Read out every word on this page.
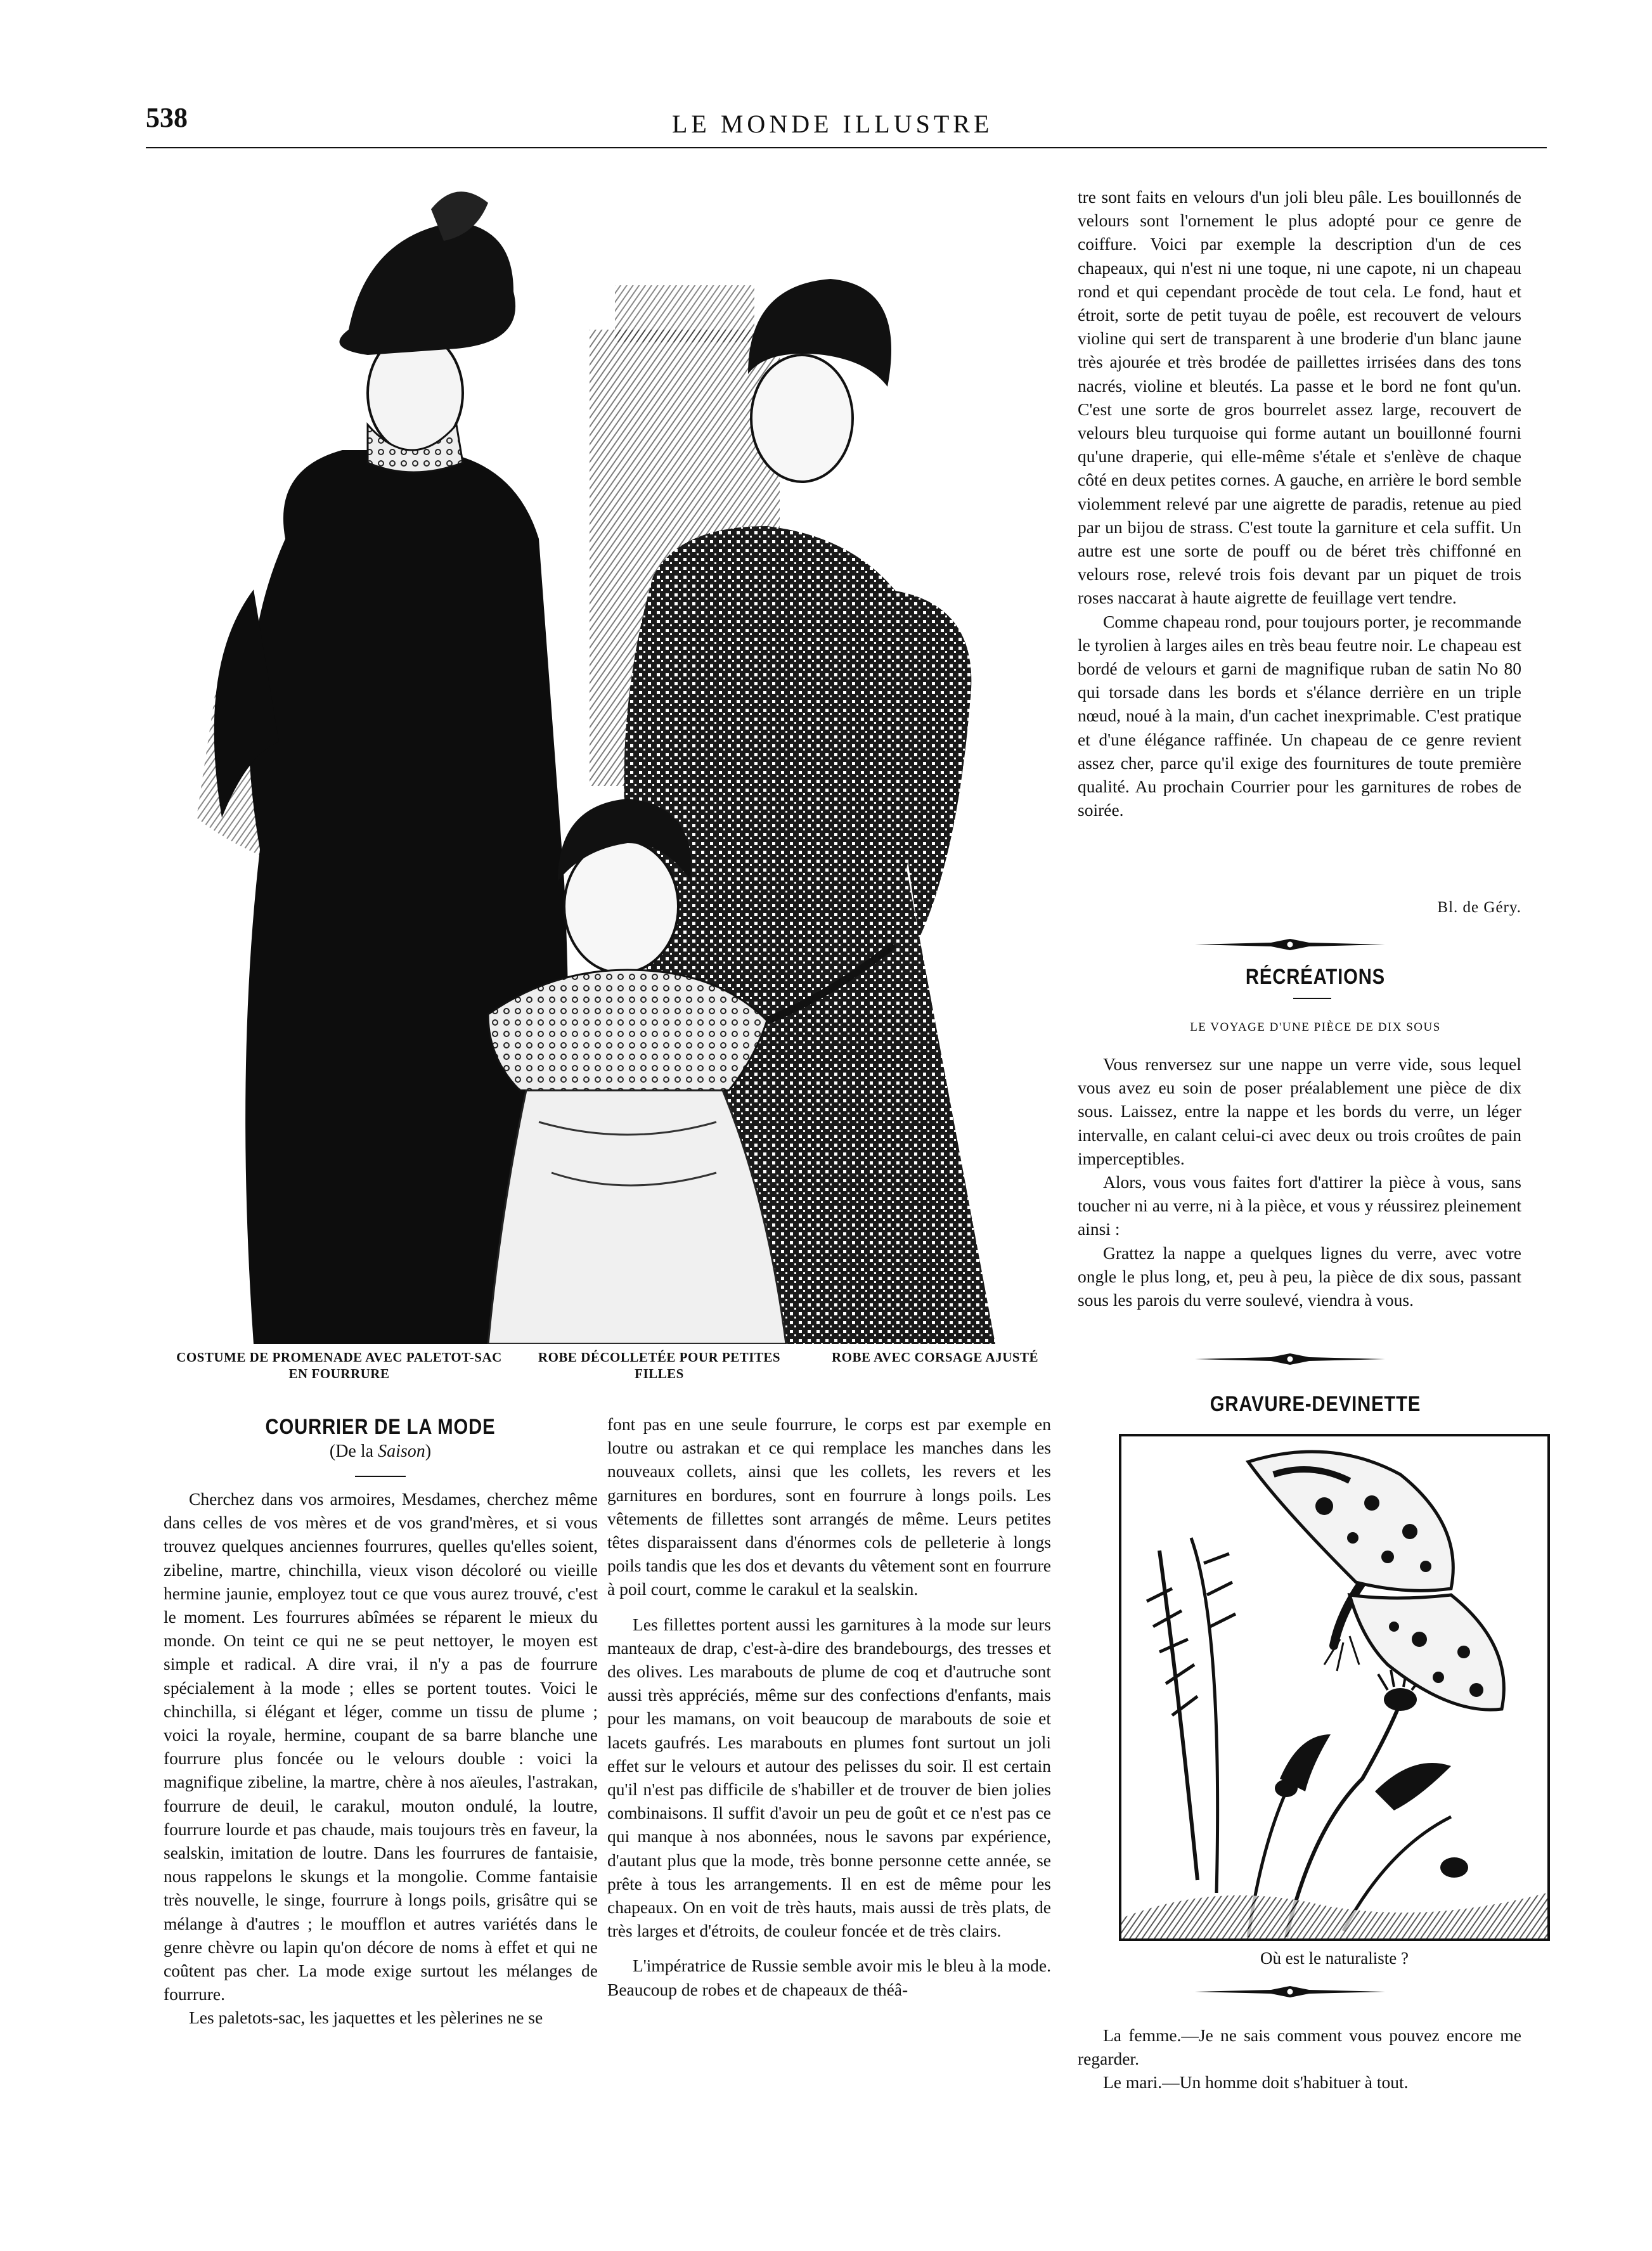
538	LE MONDE ILLUSTRE
COSTUME DE PROMENADE AVEC PALETOT-SAC
EN FOURRURE
ROBE DÉCOLLETÉE POUR PETITES
FILLES
ROBE AVEC CORSAGE AJUSTÉ
COURRIER DE LA MODE
(De la Saison)

Cherchez dans vos armoires, Mesdames, cherchez même dans celles de vos mères et de vos grand'mères, et si vous trouvez quelques anciennes fourrures, quelles qu'elles soient, zibeline, martre, chinchilla, vieux vison décoloré ou vieille hermine jaunie, employez tout ce que vous aurez trouvé, c'est le moment. Les fourrures abîmées se réparent le mieux du monde. On teint ce qui ne se peut nettoyer, le moyen est simple et radical. A dire vrai, il n'y a pas de fourrure spécialement à la mode ; elles se portent toutes. Voici le chinchilla, si élégant et léger, comme un tissu de plume ; voici la royale, hermine, coupant de sa barre blanche une fourrure plus foncée ou le velours double : voici la magnifique zibeline, la martre, chère à nos aïeules, l'astrakan, fourrure de deuil, le carakul, mouton ondulé, la loutre, fourrure lourde et pas chaude, mais toujours très en faveur, la sealskin, imitation de loutre. Dans les fourrures de fantaisie, nous rappelons le skungs et la mongolie. Comme fantaisie très nouvelle, le singe, fourrure à longs poils, grisâtre qui se mélange à d'autres ; le moufflon et autres variétés dans le genre chèvre ou lapin qu'on décore de noms à effet et qui ne coûtent pas cher. La mode exige surtout les mélanges de fourrure.

Les paletots-sac, les jaquettes et les pèlerines ne se

font pas en une seule fourrure, le corps est par exemple en loutre ou astrakan et ce qui remplace les manches dans les nouveaux collets, ainsi que les collets, les revers et les garnitures en bordures, sont en fourrure à longs poils. Les vêtements de fillettes sont arrangés de même. Leurs petites têtes disparaissent dans d'énormes cols de pelleterie à longs poils tandis que les dos et devants du vêtement sont en fourrure à poil court, comme le carakul et la sealskin.

Les fillettes portent aussi les garnitures à la mode sur leurs manteaux de drap, c'est-à-dire des brandebourgs, des tresses et des olives. Les marabouts de plume de coq et d'autruche sont aussi très appréciés, même sur des confections d'enfants, mais pour les mamans, on voit beaucoup de marabouts de soie et lacets gaufrés. Les marabouts en plumes font surtout un joli effet sur le velours et autour des pelisses du soir. Il est certain qu'il n'est pas difficile de s'habiller et de trouver de bien jolies combinaisons. Il suffit d'avoir un peu de goût et ce n'est pas ce qui manque à nos abonnées, nous le savons par expérience, d'autant plus que la mode, très bonne personne cette année, se prête à tous les arrangements. Il en est de même pour les chapeaux. On en voit de très hauts, mais aussi de très plats, de très larges et d'étroits, de couleur foncée et de très clairs.

L'impératrice de Russie semble avoir mis le bleu à la mode. Beaucoup de robes et de chapeaux de théâ-

tre sont faits en velours d'un joli bleu pâle. Les bouillonnés de velours sont l'ornement le plus adopté pour ce genre de coiffure. Voici par exemple la description d'un de ces chapeaux, qui n'est ni une toque, ni une capote, ni un chapeau rond et qui cependant procède de tout cela. Le fond, haut et étroit, sorte de petit tuyau de poêle, est recouvert de velours violine qui sert de transparent à une broderie d'un blanc jaune très ajourée et très brodée de paillettes irrisées dans des tons nacrés, violine et bleutés. La passe et le bord ne font qu'un. C'est une sorte de gros bourrelet assez large, recouvert de velours bleu turquoise qui forme autant un bouillonné fourni qu'une draperie, qui elle-même s'étale et s'enlève de chaque côté en deux petites cornes. A gauche, en arrière le bord semble violemment relevé par une aigrette de paradis, retenue au pied par un bijou de strass. C'est toute la garniture et cela suffit. Un autre est une sorte de pouff ou de béret très chiffonné en velours rose, relevé trois fois devant par un piquet de trois roses naccarat à haute aigrette de feuillage vert tendre.

Comme chapeau rond, pour toujours porter, je recommande le tyrolien à larges ailes en très beau feutre noir. Le chapeau est bordé de velours et garni de magnifique ruban de satin No 80 qui torsade dans les bords et s'élance derrière en un triple nœud, noué à la main, d'un cachet inexprimable. C'est pratique et d'une élégance raffinée. Un chapeau de ce genre revient assez cher, parce qu'il exige des fournitures de toute première qualité. Au prochain Courrier pour les garnitures de robes de soirée.

Bl. de Géry.
RÉCRÉATIONS
LE VOYAGE D'UNE PIÈCE DE DIX SOUS

Vous renversez sur une nappe un verre vide, sous lequel vous avez eu soin de poser préalablement une pièce de dix sous. Laissez, entre la nappe et les bords du verre, un léger intervalle, en calant celui-ci avec deux ou trois croûtes de pain imperceptibles.

Alors, vous vous faites fort d'attirer la pièce à vous, sans toucher ni au verre, ni à la pièce, et vous y réussirez pleinement ainsi :

Grattez la nappe a quelques lignes du verre, avec votre ongle le plus long, et, peu à peu, la pièce de dix sous, passant sous les parois du verre soulevé, viendra à vous.

GRAVURE-DEVINETTE
Où est le naturaliste ?

La femme.—Je ne sais comment vous pouvez encore me regarder.

Le mari.—Un homme doit s'habituer à tout.
